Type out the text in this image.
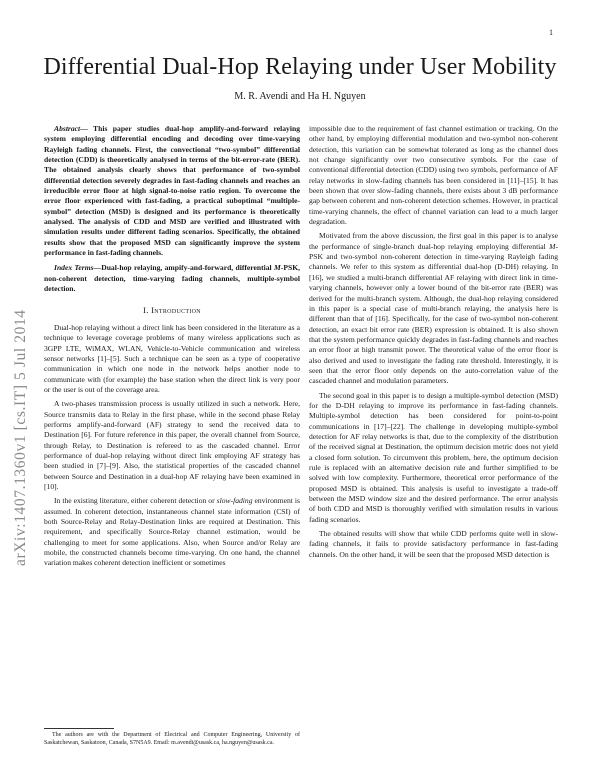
1
arXiv:1407.1360v1 [cs.IT] 5 Jul 2014
Differential Dual-Hop Relaying under User Mobility
M. R. Avendi and Ha H. Nguyen

Abstract— This paper studies dual-hop amplify-and-forward relaying system employing differential encoding and decoding over time-varying Rayleigh fading channels. First, the convectional “two-symbol” differential detection (CDD) is theoretically analysed in terms of the bit-error-rate (BER). The obtained analysis clearly shows that performance of two-symbol differential detection severely degrades in fast-fading channels and reaches an irreducible error floor at high signal-to-noise ratio region. To overcome the error floor experienced with fast-fading, a practical suboptimal “multiple-symbol” detection (MSD) is designed and its performance is theoretically analysed. The analysis of CDD and MSD are verified and illustrated with simulation results under different fading scenarios. Specifically, the obtained results show that the proposed MSD can significantly improve the system performance in fast-fading channels.

Index Terms—Dual-hop relaying, ampify-and-forward, differential M-PSK, non-coherent detection, time-varying fading channels, multiple-symbol detection.

I. Introduction

Dual-hop relaying without a direct link has been considered in the literature as a technique to leverage coverage problems of many wireless applications such as 3GPP LTE, WiMAX, WLAN, Vehicle-to-Vehicle communication and wireless sensor networks [1]–[5]. Such a technique can be seen as a type of cooperative communication in which one node in the network helps another node to communicate with (for example) the base station when the direct link is very poor or the user is out of the coverage area.

A two-phases transmission process is usually utilized in such a network. Here, Source transmits data to Relay in the first phase, while in the second phase Relay performs amplify-and-forward (AF) strategy to send the received data to Destination [6]. For future reference in this paper, the overall channel from Source, through Relay, to Destination is refereed to as the cascaded channel. Error performance of dual-hop relaying without direct link employing AF strategy has been studied in [7]–[9]. Also, the statistical properties of the cascaded channel between Source and Destination in a dual-hop AF relaying have been examined in [10].

In the existing literature, either coherent detection or slow-fading environment is assumed. In coherent detection, instantaneous channel state information (CSI) of both Source-Relay and Relay-Destination links are required at Destination. This requirement, and specifically Source-Relay channel estimation, would be challenging to meet for some applications. Also, when Source and/or Relay are mobile, the constructed channels become time-varying. On one hand, the channel variation makes coherent detection inefficient or sometimes

The authors are with the Department of Electrical and Computer Engineering, University of Saskatchewan, Saskatoon, Canada, S7N5A9. Email: m.avendi@usask.ca, ha.nguyen@usask.ca.

impossible due to the requirement of fast channel estimation or tracking. On the other hand, by employing differential modulation and two-symbol non-coherent detection, this variation can be somewhat tolerated as long as the channel does not change significantly over two consecutive symbols. For the case of conventional differential detection (CDD) using two symbols, performance of AF relay networks in slow-fading channels has been considered in [11]–[15]. It has been shown that over slow-fading channels, there exists about 3 dB performance gap between coherent and non-coherent detection schemes. However, in practical time-varying channels, the effect of channel variation can lead to a much larger degradation.

Motivated from the above discussion, the first goal in this paper is to analyse the performance of single-branch dual-hop relaying employing differential M-PSK and two-symbol non-coherent detection in time-varying Rayleigh fading channels. We refer to this system as differential dual-hop (D-DH) relaying. In [16], we studied a multi-branch differential AF relaying with direct link in time-varying channels, however only a lower bound of the bit-error rate (BER) was derived for the multi-branch system. Although, the dual-hop relaying considered in this paper is a special case of multi-branch relaying, the analysis here is different than that of [16]. Specifically, for the case of two-symbol non-coherent detection, an exact bit error rate (BER) expression is obtained. It is also shown that the system performance quickly degrades in fast-fading channels and reaches an error floor at high transmit power. The theoretical value of the error floor is also derived and used to investigate the fading rate threshold. Interestingly, it is seen that the error floor only depends on the auto-correlation value of the cascaded channel and modulation parameters.

The second goal in this paper is to design a multiple-symbol detection (MSD) for the D-DH relaying to improve its performance in fast-fading channels. Multiple-symbol detection has been considered for point-to-point communications in [17]–[22]. The challenge in developing multiple-symbol detection for AF relay networks is that, due to the complexity of the distribution of the received signal at Destination, the optimum decision metric does not yield a closed form solution. To circumvent this problem, here, the optimum decision rule is replaced with an alternative decision rule and further simplified to be solved with low complexity. Furthermore, theoretical error performance of the proposed MSD is obtained. This analysis is useful to investigate a trade-off between the MSD window size and the desired performance. The error analysis of both CDD and MSD is thoroughly verified with simulation results in various fading scenarios.

The obtained results will show that while CDD performs quite well in slow-fading channels, it fails to provide satisfactory performance in fast-fading channels. On the other hand, it will be seen that the proposed MSD detection is
